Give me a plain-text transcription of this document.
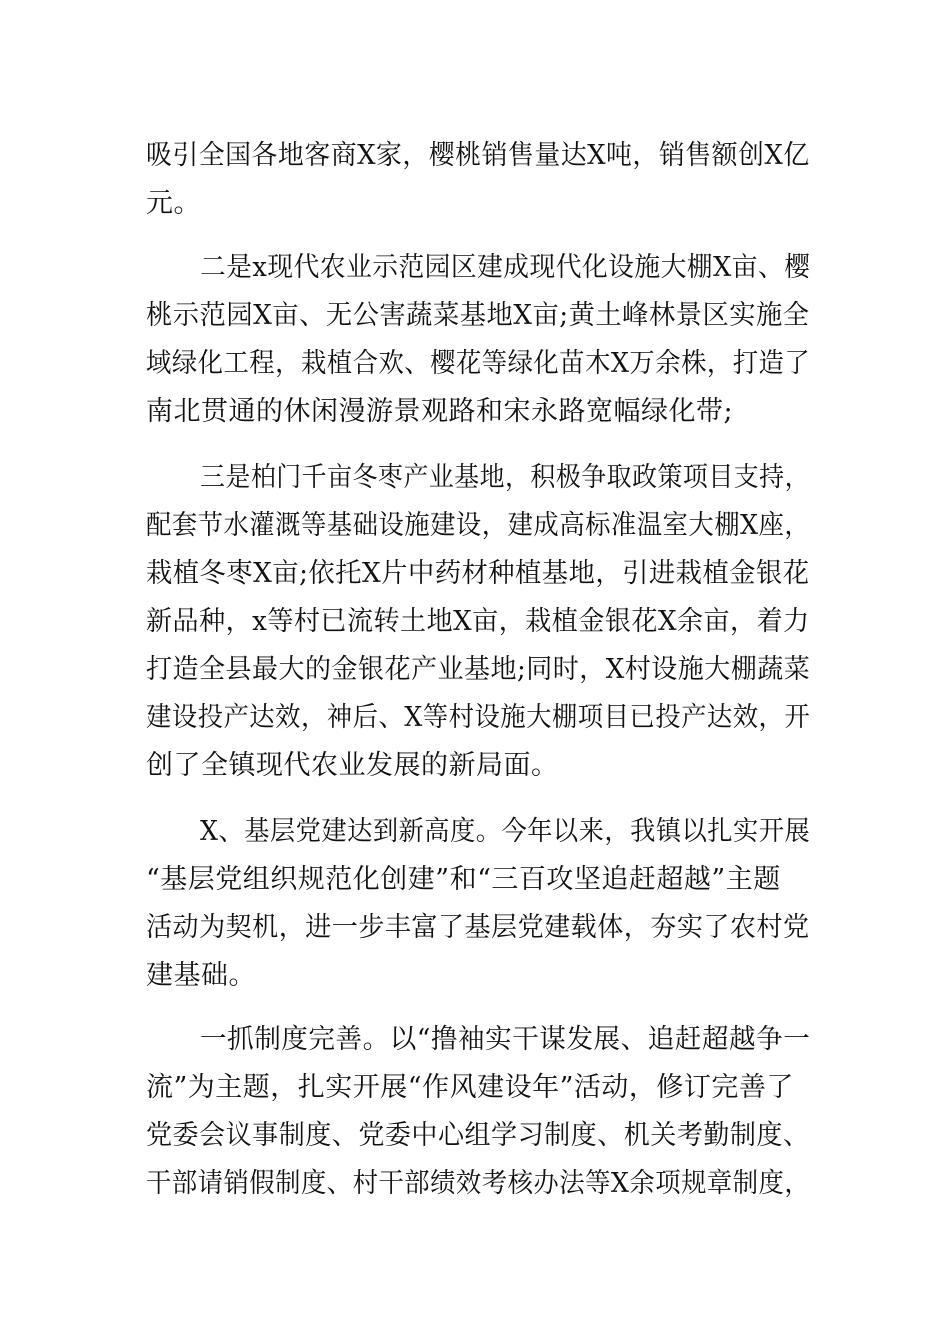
吸引全国各地客商Ⅹ家，樱桃销售量达Ⅹ吨，销售额创Ⅹ亿
元。
二是x现代农业示范园区建成现代化设施大棚Ⅹ亩、樱
桃示范园Ⅹ亩、无公害蔬菜基地Ⅹ亩;黄土峰林景区实施全
域绿化工程，栽植合欢、樱花等绿化苗木Ⅹ万余株，打造了
南北贯通的休闲漫游景观路和宋永路宽幅绿化带;
三是柏门千亩冬枣产业基地，积极争取政策项目支持，
配套节水灌溉等基础设施建设，建成高标准温室大棚Ⅹ座，
栽植冬枣Ⅹ亩;依托Ⅹ片中药材种植基地，引进栽植金银花
新品种，x等村已流转土地Ⅹ亩，栽植金银花Ⅹ余亩，着力
打造全县最大的金银花产业基地;同时，Ⅹ村设施大棚蔬菜
建设投产达效，神后、Ⅹ等村设施大棚项目已投产达效，开
创了全镇现代农业发展的新局面。
Ⅹ、基层党建达到新高度。今年以来，我镇以扎实开展
“基层党组织规范化创建”和“三百攻坚追赶超越”主题
活动为契机，进一步丰富了基层党建载体，夯实了农村党
建基础。
一抓制度完善。以“撸袖实干谋发展、追赶超越争一
流”为主题，扎实开展“作风建设年”活动，修订完善了
党委会议事制度、党委中心组学习制度、机关考勤制度、
干部请销假制度、村干部绩效考核办法等Ⅹ余项规章制度，
